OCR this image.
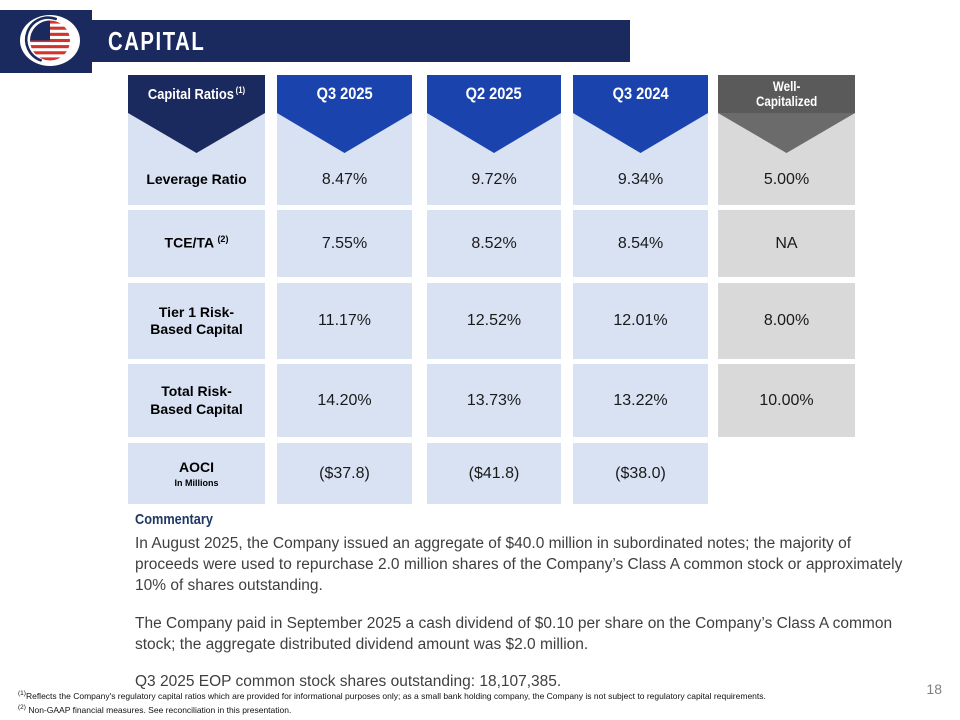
CAPITAL
Capital Ratios $^{(1)}$
Leverage Ratio
TCE/TA $^{(2)}$
Tier 1 Risk-
Based Capital
Total Risk-
Based Capital
AOCI
In Millions
Q3 2025
8.47%
7.55%
11.17%
14.20%
($37.8)
Q2 2025
9.72%
8.52%
12.52%
13.73%
($41.8)
Q3 2024
9.34%
8.54%
12.01%
13.22%
($38.0)
Well-
Capitalized
5.00%
NA
8.00%
10.00%
Commentary

In August 2025, the Company issued an aggregate of $40.0 million in subordinated notes; the majority of proceeds were used to repurchase 2.0 million shares of the Company’s Class A common stock or approximately 10% of shares outstanding.

The Company paid in September 2025 a cash dividend of $0.10 per share on the Company’s Class A common stock; the aggregate distributed dividend amount was $2.0 million.

Q3 2025 EOP common stock shares outstanding: 18,107,385.

$^{(1)}$Reflects the Company's regulatory capital ratios which are provided for informational purposes only; as a small bank holding company, the Company is not subject to regulatory capital requirements.
$^{(2)}$ Non-GAAP financial measures. See reconciliation in this presentation.
18
